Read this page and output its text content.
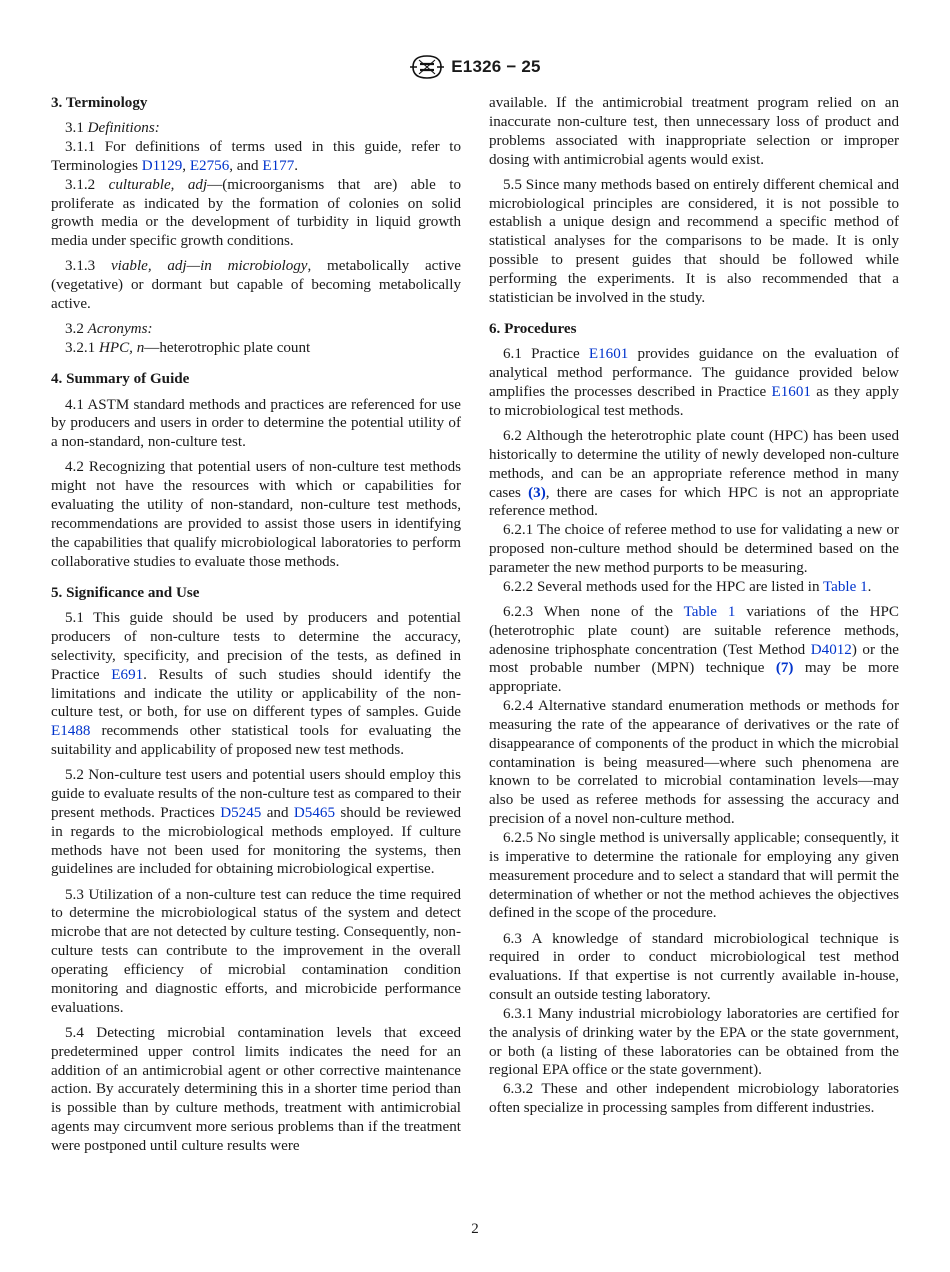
E1326 − 25
3. Terminology

3.1 Definitions:

3.1.1 For definitions of terms used in this guide, refer to Terminologies D1129, E2756, and E177.

3.1.2 culturable, adj—(microorganisms that are) able to proliferate as indicated by the formation of colonies on solid growth media or the development of turbidity in liquid growth media under specific growth conditions.

3.1.3 viable, adj—in microbiology, metabolically active (vegetative) or dormant but capable of becoming metabolically active.

3.2 Acronyms:

3.2.1 HPC, n—heterotrophic plate count

4. Summary of Guide

4.1 ASTM standard methods and practices are referenced for use by producers and users in order to determine the potential utility of a non-standard, non-culture test.

4.2 Recognizing that potential users of non-culture test methods might not have the resources with which or capabilities for evaluating the utility of non-standard, non-culture test methods, recommendations are provided to assist those users in identifying the capabilities that qualify microbiological laboratories to perform collaborative studies to evaluate those methods.

5. Significance and Use

5.1 This guide should be used by producers and potential producers of non-culture tests to determine the accuracy, selectivity, specificity, and precision of the tests, as defined in Practice E691. Results of such studies should identify the limitations and indicate the utility or applicability of the non-culture test, or both, for use on different types of samples. Guide E1488 recommends other statistical tools for evaluating the suitability and applicability of proposed new test methods.

5.2 Non-culture test users and potential users should employ this guide to evaluate results of the non-culture test as compared to their present methods. Practices D5245 and D5465 should be reviewed in regards to the microbiological methods employed. If culture methods have not been used for monitoring the systems, then guidelines are included for obtaining microbiological expertise.

5.3 Utilization of a non-culture test can reduce the time required to determine the microbiological status of the system and detect microbe that are not detected by culture testing. Consequently, non-culture tests can contribute to the improvement in the overall operating efficiency of microbial contamination condition monitoring and diagnostic efforts, and microbicide performance evaluations.

5.4 Detecting microbial contamination levels that exceed predetermined upper control limits indicates the need for an addition of an antimicrobial agent or other corrective maintenance action. By accurately determining this in a shorter time period than is possible than by culture methods, treatment with antimicrobial agents may circumvent more serious problems than if the treatment were postponed until culture results were

available. If the antimicrobial treatment program relied on an inaccurate non-culture test, then unnecessary loss of product and problems associated with inappropriate selection or improper dosing with antimicrobial agents would exist.

5.5 Since many methods based on entirely different chemical and microbiological principles are considered, it is not possible to establish a unique design and recommend a specific method of statistical analyses for the comparisons to be made. It is only possible to present guides that should be followed while performing the experiments. It is also recommended that a statistician be involved in the study.

6. Procedures

6.1 Practice E1601 provides guidance on the evaluation of analytical method performance. The guidance provided below amplifies the processes described in Practice E1601 as they apply to microbiological test methods.

6.2 Although the heterotrophic plate count (HPC) has been used historically to determine the utility of newly developed non-culture methods, and can be an appropriate reference method in many cases (3), there are cases for which HPC is not an appropriate reference method.

6.2.1 The choice of referee method to use for validating a new or proposed non-culture method should be determined based on the parameter the new method purports to be measuring.

6.2.2 Several methods used for the HPC are listed in Table 1.

6.2.3 When none of the Table 1 variations of the HPC (heterotrophic plate count) are suitable reference methods, adenosine triphosphate concentration (Test Method D4012) or the most probable number (MPN) technique (7) may be more appropriate.

6.2.4 Alternative standard enumeration methods or methods for measuring the rate of the appearance of derivatives or the rate of disappearance of components of the product in which the microbial contamination is being measured—where such phenomena are known to be correlated to microbial contamination levels—may also be used as referee methods for assessing the accuracy and precision of a novel non-culture method.

6.2.5 No single method is universally applicable; consequently, it is imperative to determine the rationale for employing any given measurement procedure and to select a standard that will permit the determination of whether or not the method achieves the objectives defined in the scope of the procedure.

6.3 A knowledge of standard microbiological technique is required in order to conduct microbiological test method evaluations. If that expertise is not currently available in-house, consult an outside testing laboratory.

6.3.1 Many industrial microbiology laboratories are certified for the analysis of drinking water by the EPA or the state government, or both (a listing of these laboratories can be obtained from the regional EPA office or the state government).

6.3.2 These and other independent microbiology laboratories often specialize in processing samples from different industries.

2
